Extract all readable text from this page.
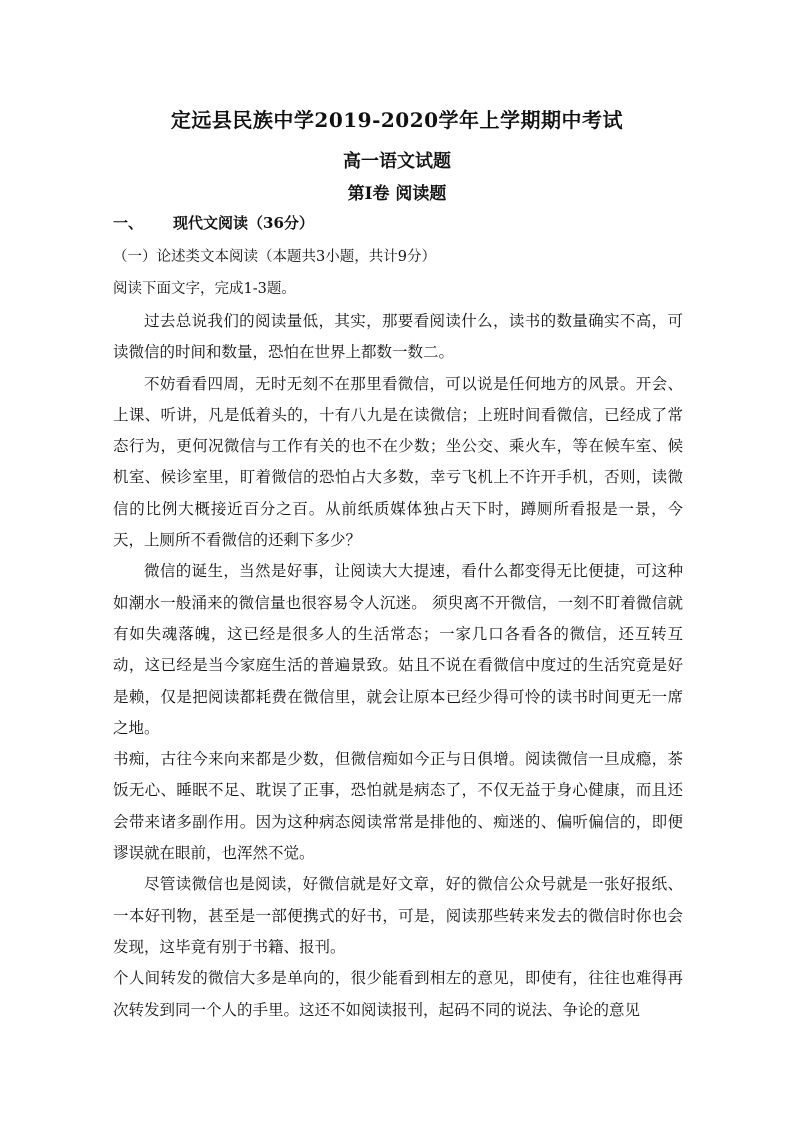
定远县民族中学2019-2020学年上学期期中考试
高一语文试题
第I卷 阅读题
一、 现代文阅读（36分）
（一）论述类文本阅读（本题共3小题，共计9分）
阅读下面文字，完成1-3题。

过去总说我们的阅读量低，其实，那要看阅读什么，读书的数量确实不高，可读微信的时间和数量，恐怕在世界上都数一数二。

不妨看看四周，无时无刻不在那里看微信，可以说是任何地方的风景。开会、上课、听讲，凡是低着头的，十有八九是在读微信；上班时间看微信，已经成了常态行为，更何况微信与工作有关的也不在少数；坐公交、乘火车，等在候车室、候机室、候诊室里，盯着微信的恐怕占大多数，幸亏飞机上不许开手机，否则，读微信的比例大概接近百分之百。从前纸质媒体独占天下时，蹲厕所看报是一景，今天，上厕所不看微信的还剩下多少？

微信的诞生，当然是好事，让阅读大大提速，看什么都变得无比便捷，可这种如潮水一般涌来的微信量也很容易令人沉迷。 须臾离不开微信，一刻不盯着微信就有如失魂落魄，这已经是很多人的生活常态；一家几口各看各的微信，还互转互动，这已经是当今家庭生活的普遍景致。姑且不说在看微信中度过的生活究竟是好是赖，仅是把阅读都耗费在微信里，就会让原本已经少得可怜的读书时间更无一席之地。

书痴，古往今来向来都是少数，但微信痴如今正与日俱增。阅读微信一旦成瘾，茶饭无心、睡眠不足、耽误了正事，恐怕就是病态了，不仅无益于身心健康，而且还会带来诸多副作用。因为这种病态阅读常常是排他的、痴迷的、偏听偏信的，即便谬误就在眼前，也浑然不觉。

尽管读微信也是阅读，好微信就是好文章，好的微信公众号就是一张好报纸、一本好刊物，甚至是一部便携式的好书，可是，阅读那些转来发去的微信时你也会发现，这毕竟有别于书籍、报刊。

个人间转发的微信大多是单向的，很少能看到相左的意见，即使有，往往也难得再次转发到同一个人的手里。这还不如阅读报刊，起码不同的说法、争论的意见
